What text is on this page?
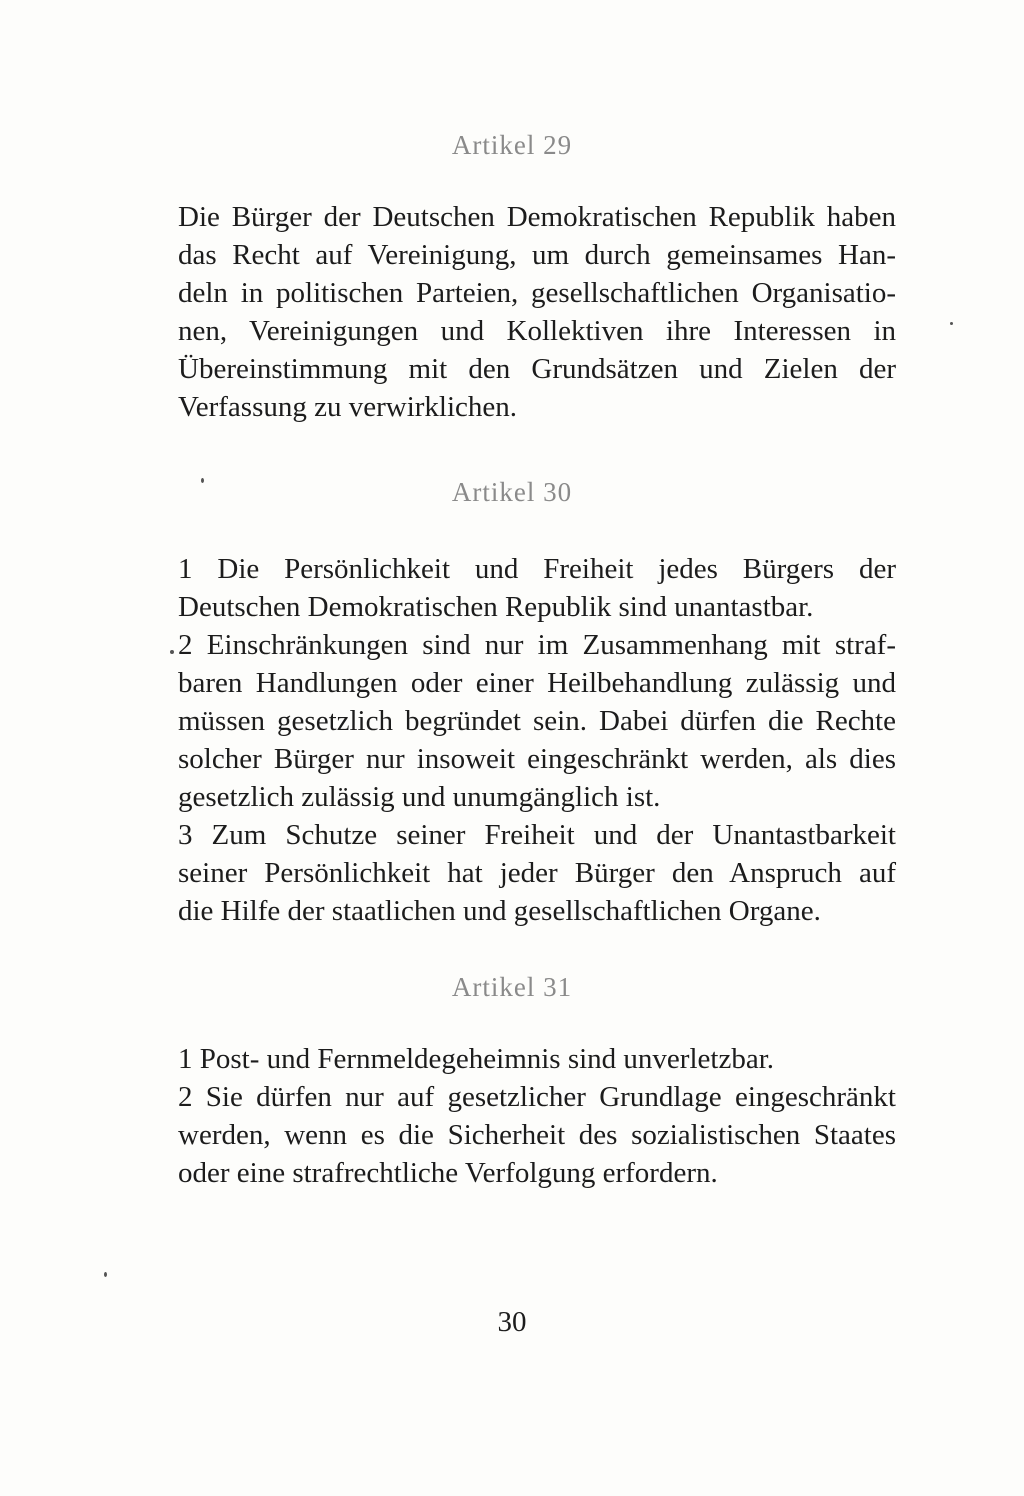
Artikel 29
Die Bürger der Deutschen Demokratischen Republik haben
das Recht auf Vereinigung, um durch gemeinsames Han-
deln in politischen Parteien, gesellschaftlichen Organisatio-
nen, Vereinigungen und Kollektiven ihre Interessen in
Übereinstimmung mit den Grundsätzen und Zielen der
Verfassung zu verwirklichen.
Artikel 30
1 Die Persönlichkeit und Freiheit jedes Bürgers der
Deutschen Demokratischen Republik sind unantastbar.
2 Einschränkungen sind nur im Zusammenhang mit straf-
baren Handlungen oder einer Heilbehandlung zulässig und
müssen gesetzlich begründet sein. Dabei dürfen die Rechte
solcher Bürger nur insoweit eingeschränkt werden, als dies
gesetzlich zulässig und unumgänglich ist.
3 Zum Schutze seiner Freiheit und der Unantastbarkeit
seiner Persönlichkeit hat jeder Bürger den Anspruch auf
die Hilfe der staatlichen und gesellschaftlichen Organe.
Artikel 31
1 Post- und Fernmeldegeheimnis sind unverletzbar.
2 Sie dürfen nur auf gesetzlicher Grundlage eingeschränkt
werden, wenn es die Sicherheit des sozialistischen Staates
oder eine strafrechtliche Verfolgung erfordern.
30
